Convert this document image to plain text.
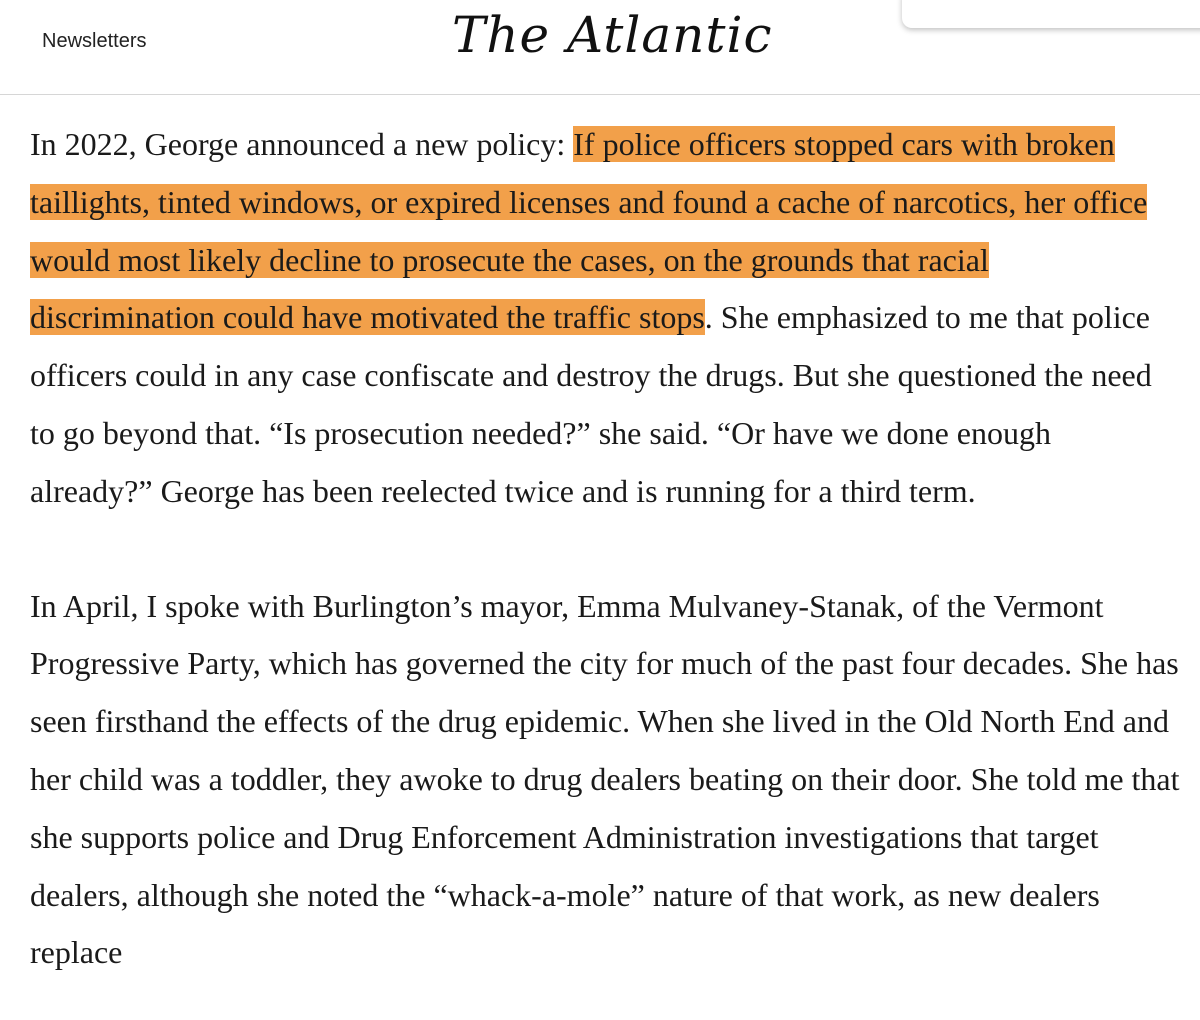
Newsletters	The Atlantic

In 2022, George announced a new policy: If police officers stopped cars with broken taillights, tinted windows, or expired licenses and found a cache of narcotics, her office would most likely decline to prosecute the cases, on the grounds that racial discrimination could have motivated the traffic stops. She emphasized to me that police officers could in any case confiscate and destroy the drugs. But she questioned the need to go beyond that. “Is prosecution needed?” she said. “Or have we done enough already?” George has been reelected twice and is running for a third term.

In April, I spoke with Burlington’s mayor, Emma Mulvaney-Stanak, of the Vermont Progressive Party, which has governed the city for much of the past four decades. She has seen firsthand the effects of the drug epidemic. When she lived in the Old North End and her child was a toddler, they awoke to drug dealers beating on their door. She told me that she supports police and Drug Enforcement Administration investigations that target dealers, although she noted the “whack-a-mole” nature of that work, as new dealers replace
